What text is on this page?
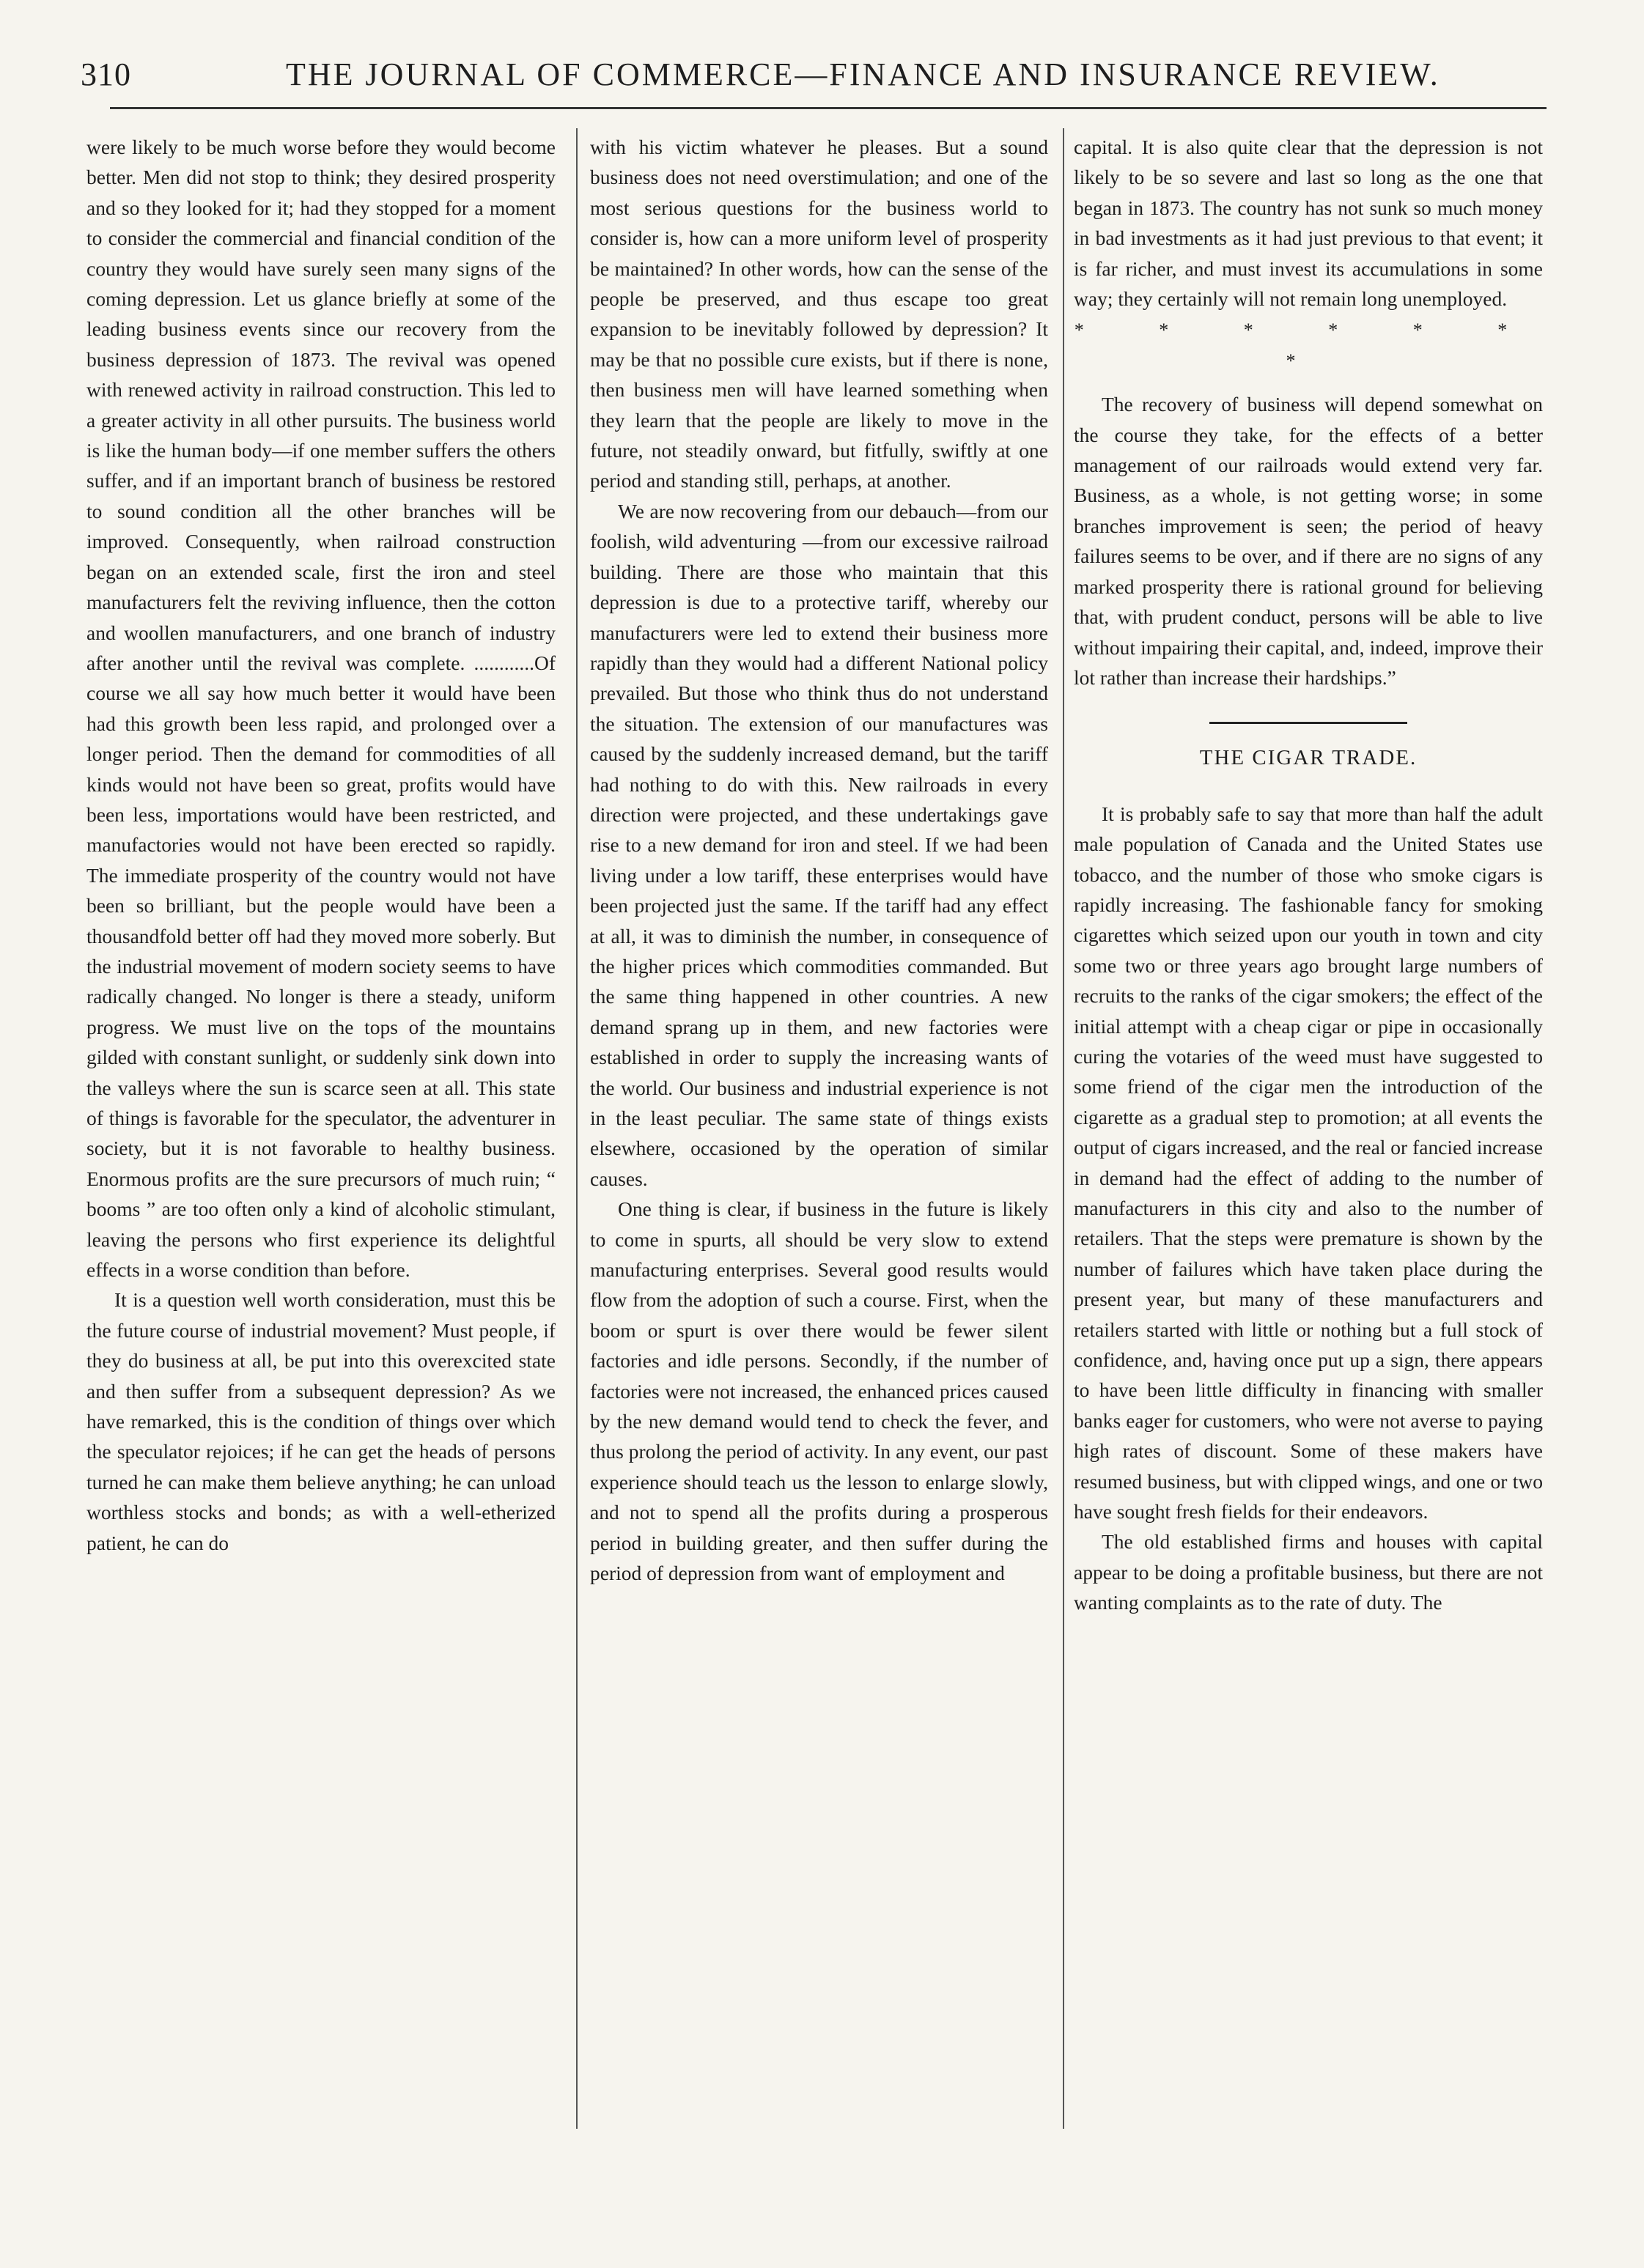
310	THE JOURNAL OF COMMERCE—FINANCE AND INSURANCE REVIEW.

were likely to be much worse before they would become better. Men did not stop to think; they desired prosperity and so they looked for it; had they stopped for a moment to consider the commercial and financial condition of the country they would have surely seen many signs of the coming depression. Let us glance briefly at some of the leading business events since our recovery from the business depression of 1873. The revival was opened with renewed activity in railroad construction. This led to a greater activity in all other pursuits. The business world is like the human body—if one member suffers the others suffer, and if an important branch of business be restored to sound condition all the other branches will be improved. Consequently, when railroad construction began on an extended scale, first the iron and steel manufacturers felt the reviving influence, then the cotton and woollen manufacturers, and one branch of industry after another until the revival was complete. ............Of course we all say how much better it would have been had this growth been less rapid, and prolonged over a longer period. Then the demand for commodities of all kinds would not have been so great, profits would have been less, importations would have been restricted, and manufactories would not have been erected so rapidly. The immediate prosperity of the country would not have been so brilliant, but the people would have been a thousandfold better off had they moved more soberly. But the industrial movement of modern society seems to have radically changed. No longer is there a steady, uniform progress. We must live on the tops of the mountains gilded with constant sunlight, or suddenly sink down into the valleys where the sun is scarce seen at all. This state of things is favorable for the speculator, the adventurer in society, but it is not favorable to healthy business. Enormous profits are the sure precursors of much ruin; “ booms ” are too often only a kind of alcoholic stimulant, leaving the persons who first experience its delightful effects in a worse condition than before.

It is a question well worth consideration, must this be the future course of industrial movement? Must people, if they do business at all, be put into this overexcited state and then suffer from a subsequent depression? As we have remarked, this is the condition of things over which the speculator rejoices; if he can get the heads of persons turned he can make them believe anything; he can unload worthless stocks and bonds; as with a well-etherized patient, he can do

with his victim whatever he pleases. But a sound business does not need overstimulation; and one of the most serious questions for the business world to consider is, how can a more uniform level of prosperity be maintained? In other words, how can the sense of the people be preserved, and thus escape too great expansion to be inevitably followed by depression? It may be that no possible cure exists, but if there is none, then business men will have learned something when they learn that the people are likely to move in the future, not steadily onward, but fitfully, swiftly at one period and standing still, perhaps, at another.

We are now recovering from our debauch—from our foolish, wild adventuring —from our excessive railroad building. There are those who maintain that this depression is due to a protective tariff, whereby our manufacturers were led to extend their business more rapidly than they would had a different National policy prevailed. But those who think thus do not understand the situation. The extension of our manufactures was caused by the suddenly increased demand, but the tariff had nothing to do with this. New railroads in every direction were projected, and these undertakings gave rise to a new demand for iron and steel. If we had been living under a low tariff, these enterprises would have been projected just the same. If the tariff had any effect at all, it was to diminish the number, in consequence of the higher prices which commodities commanded. But the same thing happened in other countries. A new demand sprang up in them, and new factories were established in order to supply the increasing wants of the world. Our business and industrial experience is not in the least peculiar. The same state of things exists elsewhere, occasioned by the operation of similar causes.

One thing is clear, if business in the future is likely to come in spurts, all should be very slow to extend manufacturing enterprises. Several good results would flow from the adoption of such a course. First, when the boom or spurt is over there would be fewer silent factories and idle persons. Secondly, if the number of factories were not increased, the enhanced prices caused by the new demand would tend to check the fever, and thus prolong the period of activity. In any event, our past experience should teach us the lesson to enlarge slowly, and not to spend all the profits during a prosperous period in building greater, and then suffer during the period of depression from want of employment and

capital. It is also quite clear that the depression is not likely to be so severe and last so long as the one that began in 1873. The country has not sunk so much money in bad investments as it had just previous to that event; it is far richer, and must invest its accumulations in some way; they certainly will not remain long unemployed.

* * * * * * *

The recovery of business will depend somewhat on the course they take, for the effects of a better management of our railroads would extend very far. Business, as a whole, is not getting worse; in some branches improvement is seen; the period of heavy failures seems to be over, and if there are no signs of any marked prosperity there is rational ground for believing that, with prudent conduct, persons will be able to live without impairing their capital, and, indeed, improve their lot rather than increase their hardships.”

THE CIGAR TRADE.

It is probably safe to say that more than half the adult male population of Canada and the United States use tobacco, and the number of those who smoke cigars is rapidly increasing. The fashionable fancy for smoking cigarettes which seized upon our youth in town and city some two or three years ago brought large numbers of recruits to the ranks of the cigar smokers; the effect of the initial attempt with a cheap cigar or pipe in occasionally curing the votaries of the weed must have suggested to some friend of the cigar men the introduction of the cigarette as a gradual step to promotion; at all events the output of cigars increased, and the real or fancied increase in demand had the effect of adding to the number of manufacturers in this city and also to the number of retailers. That the steps were premature is shown by the number of failures which have taken place during the present year, but many of these manufacturers and retailers started with little or nothing but a full stock of confidence, and, having once put up a sign, there appears to have been little difficulty in financing with smaller banks eager for customers, who were not averse to paying high rates of discount. Some of these makers have resumed business, but with clipped wings, and one or two have sought fresh fields for their endeavors.

The old established firms and houses with capital appear to be doing a profitable business, but there are not wanting complaints as to the rate of duty. The
